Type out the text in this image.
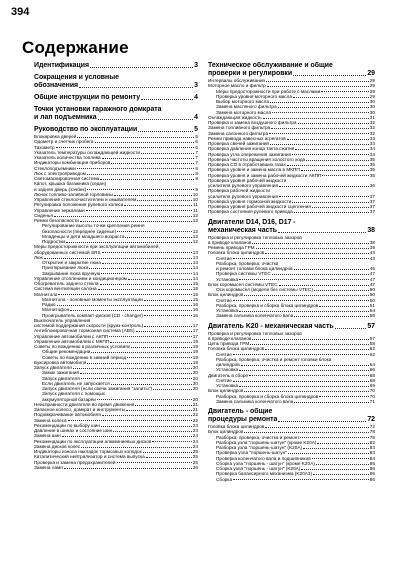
394
Содержание
Идентификация	3
Сокращения и условные
обозначения	3
Общие инструкции по ремонту	4
Точки установки гаражного домкрата
и лап подъемника	4
Руководство по эксплуатации	5
Блокировка дверей	5
Одометр и счетчик пробега	6
Тахометр	6
Указатель температуры охлаждающей жидкости	7
Указатель количества топлива	7
Индикаторы комбинации приборов	7
Стеклоподъемники	8
Люк с электроприводом	8
Светомаскировочная система	8
Капот, крышка багажника (седан)
и задняя дверь (хэчбек)	9
Лючок топливо-заливной горловины	10
Управление стеклоочистителем и омывателем	10
Регулировка положения рулевого колеса	11
Управление зеркалами	11
Сиденья	12
Ремни безопасности	12
Регулирование высоты точки крепления ремня
безопасности (переднее сиденье)	12
Младенцы и дети младшего возраста	12
Подростки	12
Меры предосторожности при эксплуатации автомобилей,
оборудованных системой SRS	13
Люк	13
Открытие и закрытие люка	13
Приоткрывание люка	14
Закрывание люка вручную	14
Управление отоплением и кондиционером	14
Обогреватель заднего стекла	15
Система вентиляции салона	15
Магнитола	15
Магнитола - основные моменты эксплуатации	15
Радио	16
Магнитофон	16
Проигрыватель компакт-дисков (CD - changer)	16
Выключатель управления
системой поддержания скорости (круиз-контроль)	17
Антиблокировочная тормозная система (ABS)	17
Управление автомобилем с АКПП	17
Управление автомобилем с МКПП	19
Советы по вождению в различных условиях	19
Общие рекомендации	19
Советы по вождению в зимний период	19
Буксировка автомобиля	19
Запуск двигателя	20
Замок зажигания	20
Запуск двигателя	20
Если двигатель не запускается	20
Запуск двигателя (если свечи зажигания "залиты")	20
Запуск двигателя с помощью
аккумуляторной батареи	20
Неисправности двигателя во время движения	21
Запасное колесо, домкрат и инструменты	21
Подомкрачивание автомобиля	22
Замена колеса	22
Рекомендации по выбору шин	23
Давление в шинах и состояние шин	23
Замена шин	24
Рекомендации по эксплуатации алюминиевых дисков	24
Замена дисков колес	24
Индикаторы износа накладок тормозных колодок	25
Каталитический нейтрализатор и система выпуска	25
Проверка и замена предохранителей	25
Замена ламп	26
Техническое обслуживание и общие
проверки и регулировки	29
Интервалы обслуживания	29
Моторное масло и фильтр	29
Меры предосторожности при работе с маслами	29
Проверка уровня моторного масла	29
Выбор моторного масла	30
Замена масляного фильтра	30
Замена моторного масла	30
Охлаждающая жидкость	31
Проверка и замена воздушного фильтра	32
Замена топливного фильтра	32
Замена салонного фильтра	32
Ремни привода навесных агрегатов	33
Проверка свечей зажигания	33
Проверка давления конца такта сжатия	34
Проверка угла опережения зажигания	34
Проверка частоты вращения холостого хода	35
Проверка СО в отработавших газах	35
Проверка уровня и замена масла в МКПП	35
Проверка уровня и замена рабочей жидкости АКПП	35
Проверка уровня рабочей жидкости
усилителя рулевого управления	36
Проверка рабочей жидкости
усилителя рулевого управления	37
Проверка уровня тормозной жидкости	37
Проверка уровня рабочей жидкости сцепления	37
Проверка состояния рулевого привода	37
Двигатели D14, D16, D17 -
механическая часть	38
Проверка и регулировка тепловых зазоров
в приводе клапанов	38
Ремень привода ГРМ	39
Головка блока цилиндров	43
Снятие	43
Разборка, проверка, очистка
и ремонт головки блока цилиндров	45
Проверка системы VTEC	47
Установка	47
Блок коромысел системы VTEC	47
Оси коромысел (модели без системы VTEC)	50
Блок цилиндров	50
Снятие	50
Разборка, проверка и сборка блока цилиндров	51
Установка	54
Замена сальника коленчатого вала	56
Двигатель K20 - механическая часть	57
Проверка и регулировка тепловых зазоров
в приводе клапанов	57
Цепь привода ГРМ	58
Головка блока цилиндров	62
Снятие	62
Разборка, проверка, очистка и ремонт головки блока
цилиндров	64
Установка	66
Двигатель в сборе	68
Снятие	68
Установка	69
Блок цилиндров	70
Разборка, проверка и сборка блока цилиндров	70
Замена сальника коленчатого вала	71
Двигатель - общие
процедуры ремонта	72
Головка блока цилиндров	72
Блок цилиндров	78
Разборка, проверка, очистка и ремонт	78
Разборка узла "поршень-шатун" (кроме K20A)	82
Разборка узла "поршень-шатун" (K20A)	83
Проверка узла "поршень-шатун"	83
Проверка коленчатого вала и подшипников	84
Сборка узла "поршень - шатун" (кроме K20A)	85
Сборка узла "поршень - шатун" (K20A)	86
Проверка балансирного механизма (K20A3)	86
Сборка	86
